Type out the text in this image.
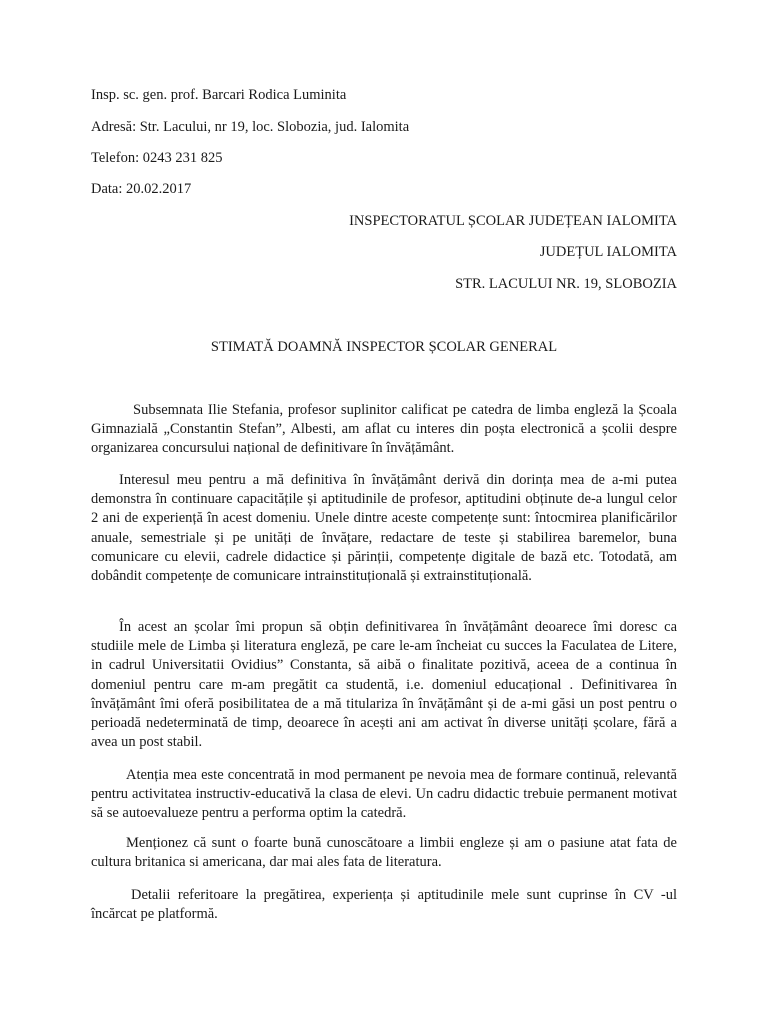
Insp. sc. gen. prof. Barcari Rodica Luminita
Adresă: Str. Lacului, nr 19, loc. Slobozia, jud. Ialomita
Telefon: 0243 231 825
Data: 20.02.2017
INSPECTORATUL ȘCOLAR JUDEȚEAN IALOMITA
JUDEȚUL IALOMITA
STR. LACULUI NR. 19, SLOBOZIA
STIMATĂ DOAMNĂ INSPECTOR ȘCOLAR GENERAL
Subsemnata Ilie Stefania, profesor suplinitor calificat pe catedra de limba engleză la Școala Gimnazială „Constantin Stefan”, Albesti, am aflat cu interes din poșta electronică a școlii despre organizarea concursului național de definitivare în învățământ.
Interesul meu pentru a mă definitiva în învățământ derivă din dorința mea de a-mi putea demonstra în continuare capacitățile și aptitudinile de profesor, aptitudini obținute de-a lungul celor 2 ani de experiență în acest domeniu. Unele dintre aceste competențe sunt: întocmirea planificărilor anuale, semestriale și pe unități de învățare, redactare de teste și stabilirea baremelor, buna comunicare cu elevii, cadrele didactice și părinții, competențe digitale de bază etc. Totodată, am dobândit competențe de comunicare intrainstituțională și extrainstituțională.
În acest an școlar îmi propun să obțin definitivarea în învățământ deoarece îmi doresc ca studiile mele de Limba și literatura engleză, pe care le-am încheiat cu succes la Faculatea de Litere, in cadrul Universitatii Ovidius” Constanta, să aibă o finalitate pozitivă, aceea de a continua în domeniul pentru care m-am pregătit ca studentă, i.e. domeniul educațional . Definitivarea în învățământ îmi oferă posibilitatea de a mă titulariza în învățământ și de a-mi găsi un post pentru o perioadă nedeterminată de timp, deoarece în acești ani am activat în diverse unități școlare, fără a avea un post stabil.
Atenția mea este concentrată in mod permanent pe nevoia mea de formare continuă, relevantă pentru activitatea instructiv-educativă la clasa de elevi. Un cadru didactic trebuie permanent motivat să se autoevalueze pentru a performa optim la catedră.
Menționez că sunt o foarte bună cunoscătoare a limbii engleze și am o pasiune atat fata de cultura britanica si americana, dar mai ales fata de literatura.
Detalii referitoare la pregătirea, experiența și aptitudinile mele sunt cuprinse în CV -ul încărcat pe platformă.
